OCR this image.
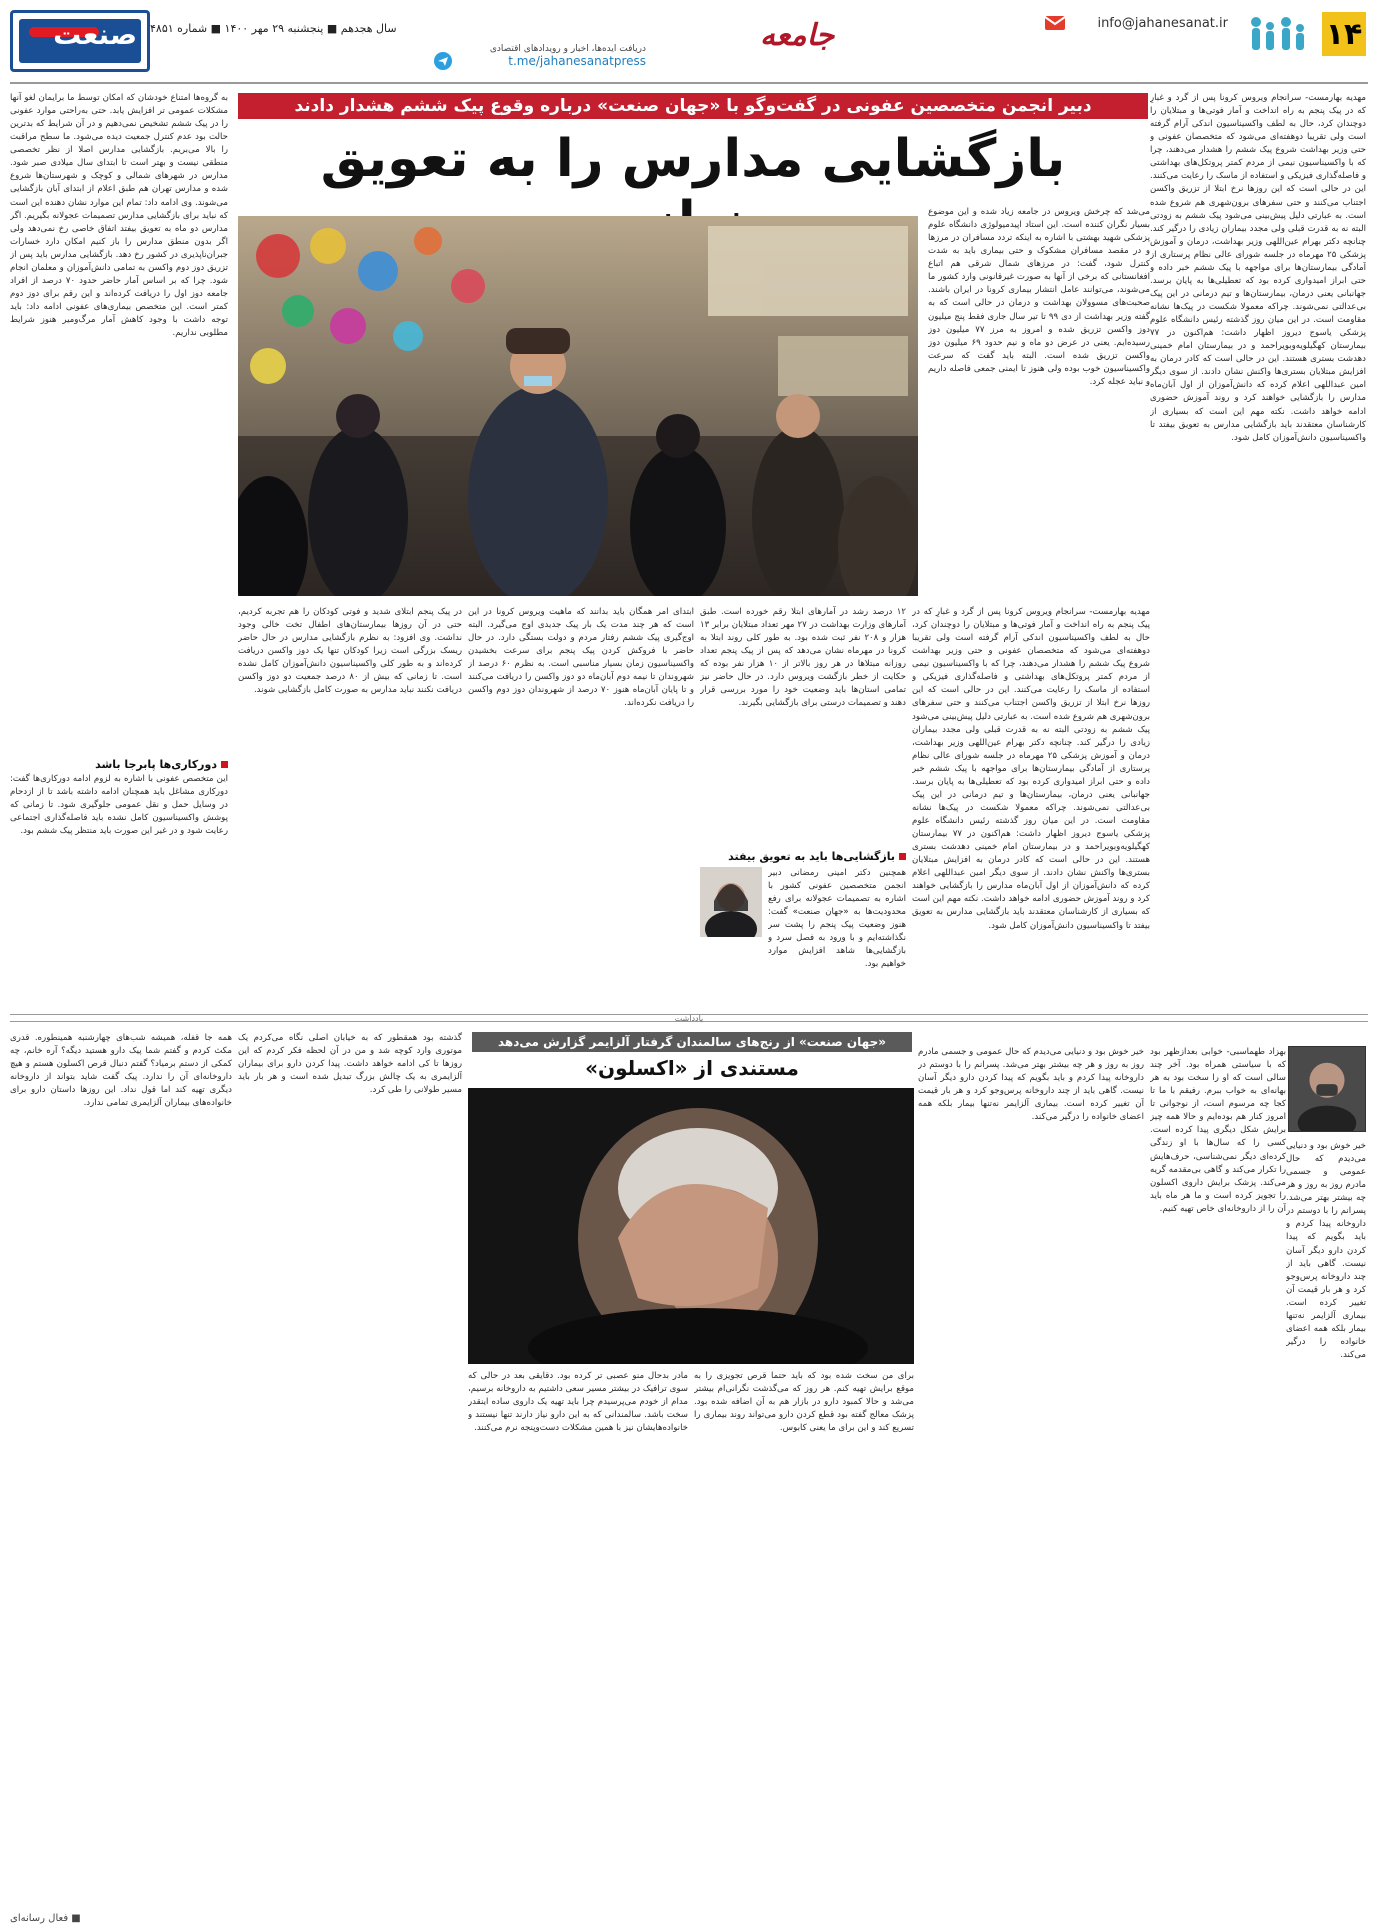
۱۴
info@jahanesanat.ir
جامعه
دریافت ایده‌ها، اخبار و رویدادهای اقتصادی
t.me/jahanesanatpress
سال هجدهم ■ پنجشنبه ۲۹ مهر ۱۴۰۰ ■ شماره ۴۸۵۱
صنعت
دبیر انجمن متخصصین عفونی در گفت‌وگو با «جهان صنعت» درباره وقوع پیک ششم هشدار دادند
بازگشایی مدارس را به تعویق
مهدیه بهارمست- سرانجام ویروس کرونا پس از گرد و غبارِ که در پیک پنجم به راه انداخت و آمار فوتی‌ها و مبتلایان را دوچندان کرد، حال به لطف واکسیناسیون اندکی آرام گرفته است ولی تقریبا دوهفته‌ای می‌شود که متخصصان عفونی و حتی وزیر بهداشت شروع پیک ششم را هشدار می‌دهند، چرا که با واکسیناسیون نیمی از مردم کمتر پروتکل‌های بهداشتی و فاصله‌گذاری فیزیکی و استفاده از ماسک را رعایت می‌کنند. این در حالی است که این روزها نرخ ابتلا از تزریق واکسن اجتناب می‌کنند و حتی سفرهای برون‌شهری هم شروع شده است. به عبارتی دلیل پیش‌بینی می‌شود پیک ششم به زودتی البته نه به قدرت قبلی ولی مجدد بیماران زیادی را درگیر کند. چنانچه دکتر بهرام عین‌اللهی وزیر بهداشت، درمان و آموزش پزشکی ۲۵ مهرماه در جلسه شورای عالی نظام پرستاری از آمادگی بیمارستان‌ها برای مواجهه با پیک ششم خبر داده و حتی ابراز امیدواری کرده بود که تعطیلی‌ها به پایان برسد. جهانبانی یعنی درمان، بیمارستان‌ها و تیم درمانی در این پیک بی‌عدالتی نمی‌شوند. چراکه معمولا شکست در پیک‌ها نشانه مقاومت است. در این میان روز گذشته رئیس دانشگاه علوم پزشکی یاسوج دیروز اظهار داشت: هم‌اکنون در ۷۷ بیمارستان کهگیلویه‌وبویراحمد و در بیمارستان امام خمینی دهدشت بستری هستند. این در حالی است که کادر درمان به افزایش مبتلایان بستری‌ها واکنش نشان دادند. از سوی دیگر امین عبداللهی اعلام کرده که دانش‌آموزان از اول آبان‌ماه مدارس را بازگشایی خواهند کرد و روند آموزش حضوری ادامه خواهد داشت. نکته مهم این است که بسیاری از کارشناسان معتقدند باید بازگشایی مدارس به تعویق بیفتد تا واکسیناسیون دانش‌آموزان کامل شود.
به گروه‌ها امتناع خودشان که امکان توسط ما برایمان لغو آنها مشکلات عمومی تر افزایش یابد. حتی به‌راحتی موارد عفونی را در پیک ششم تشخیص نمی‌دهیم و در آن شرایط که بدترین حالت بود عدم کنترل جمعیت دیده می‌شود. ما سطح مراقبت را بالا می‌بریم. بازگشایی مدارس اصلا از نظر تخصصی منطقی نیست و بهتر است تا ابتدای سال میلادی صبر شود. مدارس در شهرهای شمالی و کوچک و شهرستان‌ها شروع شده و مدارس تهران هم طبق اعلام از ابتدای آبان بازگشایی می‌شوند. وی ادامه داد: تمام این موارد نشان دهنده این است که نباید برای بازگشایی مدارس تصمیمات عجولانه بگیریم. اگر مدارس دو ماه به تعویق بیفتد اتفاق خاصی رخ نمی‌دهد ولی اگر بدون منطق مدارس را باز کنیم امکان دارد خسارات جبران‌ناپذیری در کشور رخ دهد. بازگشایی مدارس باید پس از تزریق دوز دوم واکسن به تمامی دانش‌آموزان و معلمان انجام شود. چرا که بر اساس آمار حاضر حدود ۷۰ درصد از افراد جامعه دوز اول را دریافت کرده‌اند و این رقم برای دوز دوم کمتر است. این متخصص بیماری‌های عفونی ادامه داد: باید توجه داشت با وجود کاهش آمار مرگ‌ومیر هنوز شرایط مطلوبی نداریم.
دورکاری‌ها پابرجا باشد
این متخصص عفونی با اشاره به لزوم ادامه دورکاری‌ها گفت: دورکاری مشاغل باید همچنان ادامه داشته باشد تا از ازدحام در وسایل حمل و نقل عمومی جلوگیری شود. تا زمانی که پوشش واکسیناسیون کامل نشده باید فاصله‌گذاری اجتماعی رعایت شود و در غیر این صورت باید منتظر پیک ششم بود.
می‌شد که چرخش ویروس در جامعه زیاد شده و این موضوع بسیار نگران کننده است. این استاد اپیدمیولوژی دانشگاه علوم پزشکی شهید بهشتی با اشاره به اینکه تردد مسافران در مرزها و در مقصد مسافران مشکوک و حتی بیماری باید به شدت کنترل شود، گفت: در مرزهای شمال شرقی هم اتباع افغانستانی که برخی از آنها به صورت غیرقانونی وارد کشور ما می‌شوند، می‌توانند عامل انتشار بیماری کرونا در ایران باشند. صحبت‌های مسوولان بهداشت و درمان در حالی است که به گفته وزیر بهداشت از دی ۹۹ تا تیر سال جاری فقط پنج میلیون دوز واکسن تزریق شده و امروز به مرز ۷۷ میلیون دوز رسیده‌ایم. یعنی در عرض دو ماه و نیم حدود ۶۹ میلیون دوز واکسن تزریق شده است. البته باید گفت که سرعت واکسیناسیون خوب بوده ولی هنوز تا ایمنی جمعی فاصله داریم و نباید عجله کرد.
مهدیه بهارمست- سرانجام ویروس کرونا پس از گرد و غبارِ که در پیک پنجم به راه انداخت و آمار فوتی‌ها و مبتلایان را دوچندان کرد، حال به لطف واکسیناسیون اندکی آرام گرفته است ولی تقریبا دوهفته‌ای می‌شود که متخصصان عفونی و حتی وزیر بهداشت شروع پیک ششم را هشدار می‌دهند، چرا که با واکسیناسیون نیمی از مردم کمتر پروتکل‌های بهداشتی و فاصله‌گذاری فیزیکی و استفاده از ماسک را رعایت می‌کنند. این در حالی است که این روزها نرخ ابتلا از تزریق واکسن اجتناب می‌کنند و حتی سفرهای برون‌شهری هم شروع شده است. به عبارتی دلیل پیش‌بینی می‌شود پیک ششم به زودتی البته نه به قدرت قبلی ولی مجدد بیماران زیادی را درگیر کند. چنانچه دکتر بهرام عین‌اللهی وزیر بهداشت، درمان و آموزش پزشکی ۲۵ مهرماه در جلسه شورای عالی نظام پرستاری از آمادگی بیمارستان‌ها برای مواجهه با پیک ششم خبر داده و حتی ابراز امیدواری کرده بود که تعطیلی‌ها به پایان برسد. جهانبانی یعنی درمان، بیمارستان‌ها و تیم درمانی در این پیک بی‌عدالتی نمی‌شوند. چراکه معمولا شکست در پیک‌ها نشانه مقاومت است. در این میان روز گذشته رئیس دانشگاه علوم پزشکی یاسوج دیروز اظهار داشت: هم‌اکنون در ۷۷ بیمارستان کهگیلویه‌وبویراحمد و در بیمارستان امام خمینی دهدشت بستری هستند. این در حالی است که کادر درمان به افزایش مبتلایان بستری‌ها واکنش نشان دادند. از سوی دیگر امین عبداللهی اعلام کرده که دانش‌آموزان از اول آبان‌ماه مدارس را بازگشایی خواهند کرد و روند آموزش حضوری ادامه خواهد داشت. نکته مهم این است که بسیاری از کارشناسان معتقدند باید بازگشایی مدارس به تعویق بیفتد تا واکسیناسیون دانش‌آموزان کامل شود.
۱۲ درصد رشد در آمارهای ابتلا رقم خورده است. طبق آمارهای وزارت بهداشت در ۲۷ مهر تعداد مبتلایان برابر ۱۳ هزار و ۲۰۸ نفر ثبت شده بود. به طور کلی روند ابتلا به کرونا در مهرماه نشان می‌دهد که پس از پیک پنجم تعداد روزانه مبتلاها در هر روز بالاتر از ۱۰ هزار نفر بوده که حکایت از خطر بازگشت ویروس دارد. در حال حاضر نیز تمامی استان‌ها باید وضعیت خود را مورد بررسی قرار دهند و تصمیمات درستی برای بازگشایی بگیرند.
بازگشایی‌ها باید به تعویق بیفتد
همچنین دکتر امینی رمضانی دبیر انجمن متخصصین عفونی کشور با اشاره به تصمیمات عجولانه برای رفع محدودیت‌ها به «جهان صنعت» گفت: هنوز وضعیت پیک پنجم را پشت سر نگذاشته‌ایم و با ورود به فصل سرد و بازگشایی‌ها شاهد افزایش موارد خواهیم بود.
ابتدای امر همگان باید بدانند که ماهیت ویروس کرونا در این است که هر چند مدت یک بار پیک جدیدی اوج می‌گیرد. البته اوج‌گیری پیک ششم رفتار مردم و دولت بستگی دارد. در حال حاضر با فروکش کردن پیک پنجم برای سرعت بخشیدن واکسیناسیون زمان بسیار مناسبی است. به نظرم ۶۰ درصد از شهروندان تا نیمه دوم آبان‌ماه دو دوز واکسن را دریافت می‌کنند و تا پایان آبان‌ماه هنوز ۷۰ درصد از شهروندان دوز دوم واکسن را دریافت نکرده‌اند.
در پیک پنجم ابتلای شدید و فوتی کودکان را هم تجربه کردیم، حتی در آن روزها بیمارستان‌های اطفال تخت خالی وجود نداشت. وی افزود: به نظرم بازگشایی مدارس در حال حاضر ریسک بزرگی است زیرا کودکان تنها یک دوز واکسن دریافت کرده‌اند و به طور کلی واکسیناسیون دانش‌آموزان کامل نشده است. تا زمانی که بیش از ۸۰ درصد جمعیت دو دوز واکسن دریافت نکنند نباید مدارس به صورت کامل بازگشایی شوند.
یادداشت
«جهان صنعت» از رنج‌های سالمندان گرفتار آلزایمر گزارش می‌دهد
مستندی از «اکسلون»
بهزاد طهماسبی- خوابی بعدازظهر بود که با سیاستی همراه بود. آخر چند سالی است که او را سخت بود به هر بهانه‌ای به خواب ببرم. رفیقم با ما تا کجا چه مرسوم است، از نوجوانی تا امروز کنار هم بوده‌ایم و حالا همه چیز برایش شکل دیگری پیدا کرده است. کسی را که سال‌ها با او زندگی کرده‌ای دیگر نمی‌شناسی، حرف‌هایش را تکرار می‌کند و گاهی بی‌مقدمه گریه می‌کند. پزشک برایش داروی اکسلون را تجویز کرده است و ما هر ماه باید آن را از داروخانه‌ای خاص تهیه کنیم.
خیر خوش بود و دنیایی می‌دیدم که حال عمومی و جسمی مادرم روز به روز و هر چه بیشتر بهتر می‌شد. پسرانم را با دوستم در داروخانه پیدا کردم و باید بگویم که پیدا کردن دارو دیگر آسان نیست. گاهی باید از چند داروخانه پرس‌وجو کرد و هر بار قیمت آن تغییر کرده است. بیماری آلزایمر نه‌تنها بیمار بلکه همه اعضای خانواده را درگیر می‌کند.
خیر خوش بود و دنیایی می‌دیدم که حال عمومی و جسمی مادرم روز به روز و هر چه بیشتر بهتر می‌شد. پسرانم را با دوستم در داروخانه پیدا کردم و باید بگویم که پیدا کردن دارو دیگر آسان نیست. گاهی باید از چند داروخانه پرس‌وجو کرد و هر بار قیمت آن تغییر کرده است. بیماری آلزایمر نه‌تنها بیمار بلکه همه اعضای خانواده را درگیر می‌کند.
برای من سخت شده بود که باید حتما قرص تجویزی را به موقع برایش تهیه کنم. هر روز که می‌گذشت نگرانی‌ام بیشتر می‌شد و حالا کمبود دارو در بازار هم به آن اضافه شده بود. پزشک معالج گفته بود قطع کردن دارو می‌تواند روند بیماری را تسریع کند و این برای ما یعنی کابوس.
مادر بدحال منو عصبی تر کرده بود. دقایقی بعد در حالی که سوی ترافیک در بیشتر مسیر سعی داشتیم به داروخانه برسیم، مدام از خودم می‌پرسیدم چرا باید تهیه یک داروی ساده اینقدر سخت باشد. سالمندانی که به این دارو نیاز دارند تنها نیستند و خانواده‌هایشان نیز با همین مشکلات دست‌وپنجه نرم می‌کنند.
گذشته بود همقطور که به خیابان اصلی نگاه می‌کردم یک موتوری وارد کوچه شد و من در آن لحظه فکر کردم که این روزها تا کی ادامه خواهد داشت. پیدا کردن دارو برای بیماران آلزایمری به یک چالش بزرگ تبدیل شده است و هر بار باید مسیر طولانی را طی کرد.
همه جا قفله، همیشه شب‌های چهارشنبه همینطوره. قدری مکث کردم و گفتم شما پیک دارو هستید دیگه؟ آره خانم، چه کمکی از دستم برمیاد؟ گفتم دنبال قرص اکسلون هستم و هیچ داروخانه‌ای آن را ندارد. پیک گفت شاید بتواند از داروخانه دیگری تهیه کند اما قول نداد. این روزها داستان دارو برای خانواده‌های بیماران آلزایمری تمامی ندارد.
■ فعال رسانه‌ای
